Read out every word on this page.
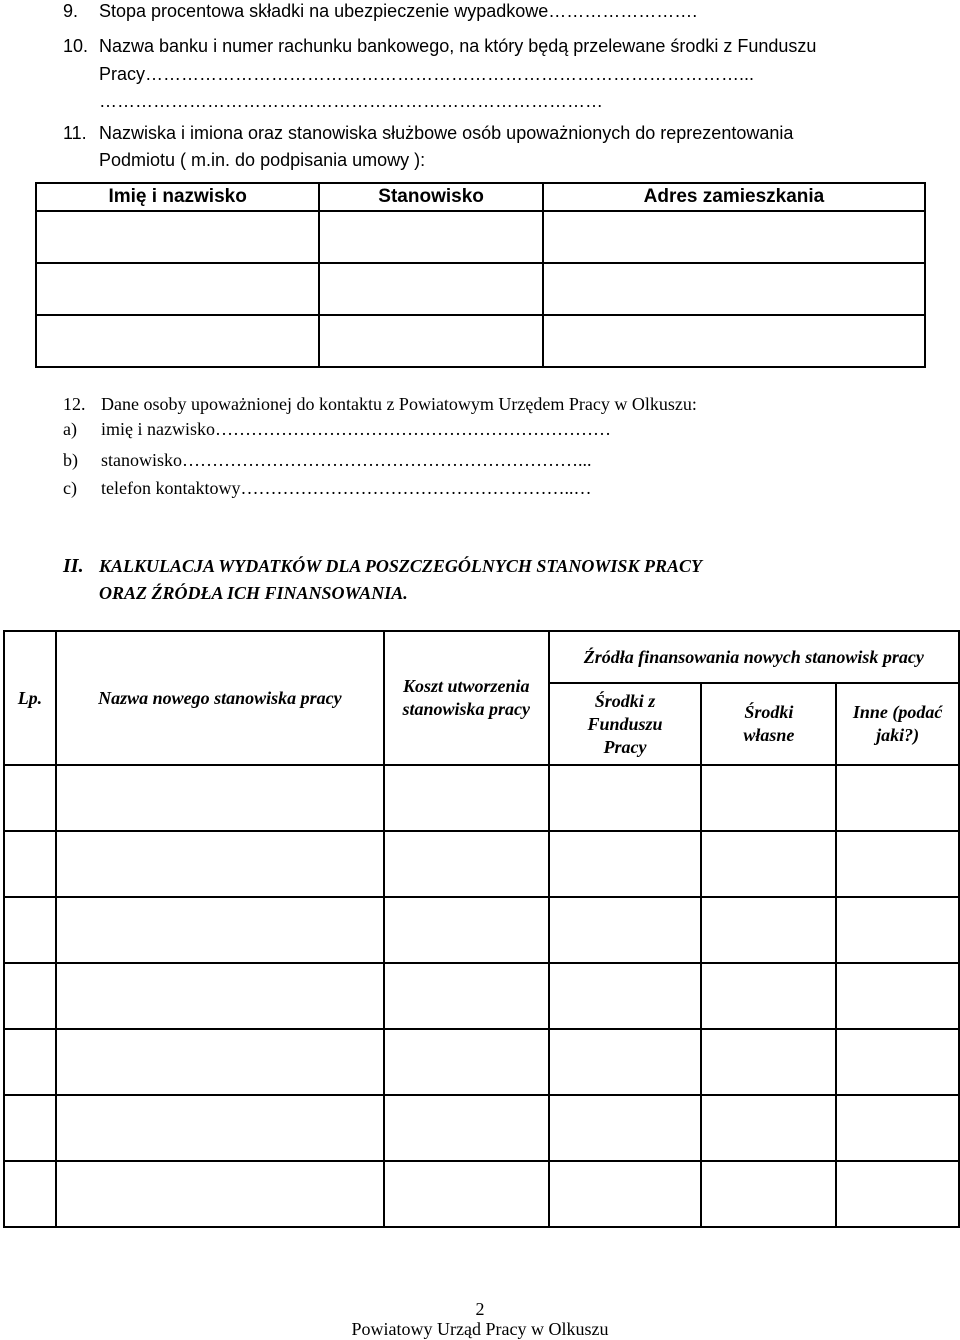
9. Stopa procentowa składki na ubezpieczenie wypadkowe…………………….
10. Nazwa banku i numer rachunku bankowego, na który będą przelewane środki z Funduszu
Pracy………………………………………………………………………………………...
…………………………………………………………………………
11. Nazwiska i imiona oraz stanowiska służbowe osób upoważnionych do reprezentowania
Podmiotu ( m.in. do podpisania umowy ):
Imię i nazwisko	Stanowisko	Adres zamieszkania

12. Dane osoby upoważnionej do kontaktu z Powiatowym Urzędem Pracy w Olkuszu:
a) imię i nazwisko…………………………………………………………
b) stanowisko…………………………………………………………...
c) telefon kontaktowy………………………………………………..…
II. KALKULACJA WYDATKÓW DLA POSZCZEGÓLNYCH STANOWISK PRACY
ORAZ ŹRÓDŁA ICH FINANSOWANIA.
Lp.	Nazwa nowego stanowiska pracy	Koszt utworzenia stanowiska pracy	Źródła finansowania nowych stanowisk pracy		
			Środki z Funduszu Pracy	Środki własne	Inne (podać jaki?)

2
Powiatowy Urząd Pracy w Olkuszu
